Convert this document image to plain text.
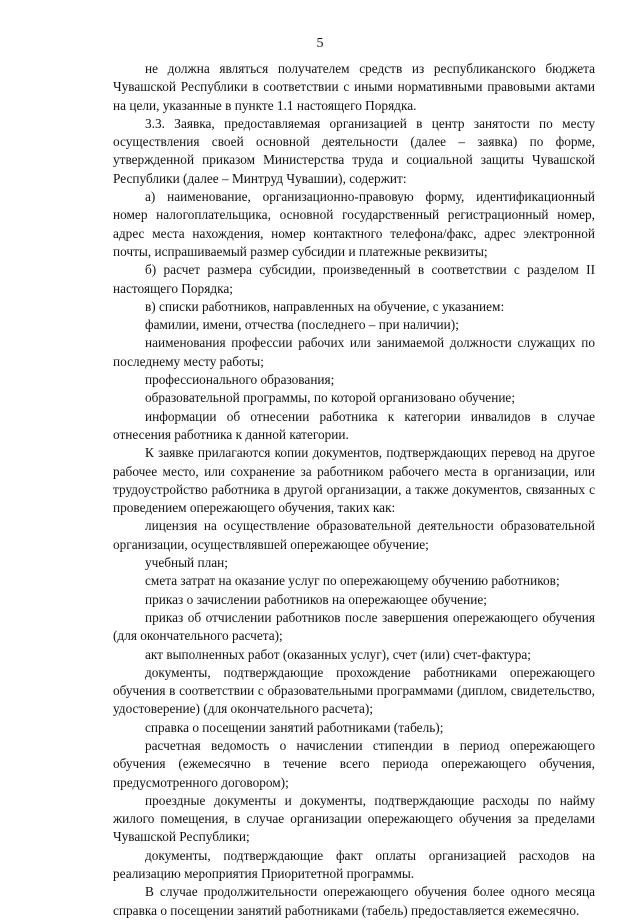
5

не должна являться получателем средств из республиканского бюджета Чувашской Республики в соответствии с иными нормативными правовыми актами на цели, указанные в пункте 1.1 настоящего Порядка.

3.3. Заявка, предоставляемая организацией в центр занятости по месту осуществления своей основной деятельности (далее – заявка) по форме, утвержденной приказом Министерства труда и социальной защиты Чувашской Республики (далее – Минтруд Чувашии), содержит:

а) наименование, организационно-правовую форму, идентификационный номер налогоплательщика, основной государственный регистрационный номер, адрес места нахождения, номер контактного телефона/факс, адрес электронной почты, испрашиваемый размер субсидии и платежные реквизиты;

б) расчет размера субсидии, произведенный в соответствии с разделом II настоящего Порядка;

в) списки работников, направленных на обучение, с указанием:

фамилии, имени, отчества (последнего – при наличии);

наименования профессии рабочих или занимаемой должности служащих по последнему месту работы;

профессионального образования;

образовательной программы, по которой организовано обучение;

информации об отнесении работника к категории инвалидов в случае отнесения работника к данной категории.

К заявке прилагаются копии документов, подтверждающих перевод на другое рабочее место, или сохранение за работником рабочего места в организации, или трудоустройство работника в другой организации, а также документов, связанных с проведением опережающего обучения, таких как:

лицензия на осуществление образовательной деятельности образовательной организации, осуществлявшей опережающее обучение;

учебный план;

смета затрат на оказание услуг по опережающему обучению работников;

приказ о зачислении работников на опережающее обучение;

приказ об отчислении работников после завершения опережающего обучения (для окончательного расчета);

акт выполненных работ (оказанных услуг), счет (или) счет-фактура;

документы, подтверждающие прохождение работниками опережающего обучения в соответствии с образовательными программами (диплом, свидетельство, удостоверение) (для окончательного расчета);

справка о посещении занятий работниками (табель);

расчетная ведомость о начислении стипендии в период опережающего обучения (ежемесячно в течение всего периода опережающего обучения, предусмотренного договором);

проездные документы и документы, подтверждающие расходы по найму жилого помещения, в случае организации опережающего обучения за пределами Чувашской Республики;

документы, подтверждающие факт оплаты организацией расходов на реализацию мероприятия Приоритетной программы.

В случае продолжительности опережающего обучения более одного месяца справка о посещении занятий работниками (табель) предоставляется ежемесячно.
